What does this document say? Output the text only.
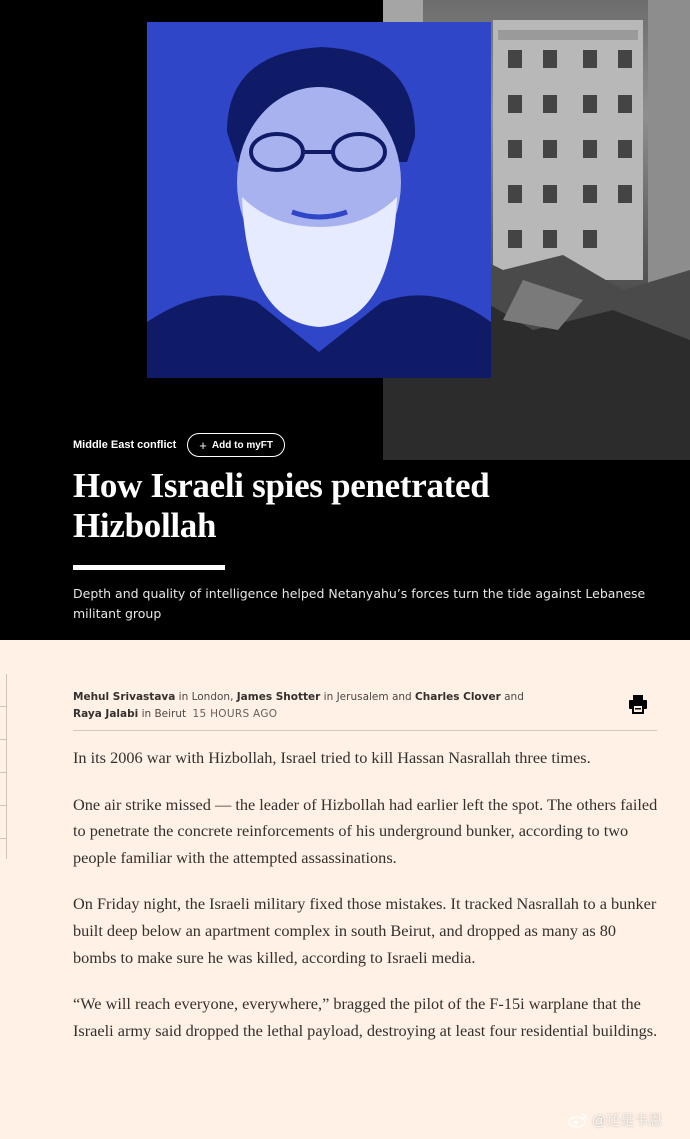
Middle East conflict + Add to myFT
How Israeli spies penetrated Hizbollah

Depth and quality of intelligence helped Netanyahu’s forces turn the tide against Lebanese militant group

Mehul Srivastava in London, James Shotter in Jerusalem and Charles Clover and Raya Jalabi in Beirut 15 HOURS AGO

In its 2006 war with Hizbollah, Israel tried to kill Hassan Nasrallah three times.

One air strike missed — the leader of Hizbollah had earlier left the spot. The others failed to penetrate the concrete reinforcements of his underground bunker, according to two people familiar with the attempted assassinations.

On Friday night, the Israeli military fixed those mistakes. It tracked Nasrallah to a bunker built deep below an apartment complex in south Beirut, and dropped as many as 80 bombs to make sure he was killed, according to Israeli media.

“We will reach everyone, everywhere,” bragged the pilot of the F-15i warplane that the Israeli army said dropped the lethal payload, destroying at least four residential buildings.

@还是韦恩
